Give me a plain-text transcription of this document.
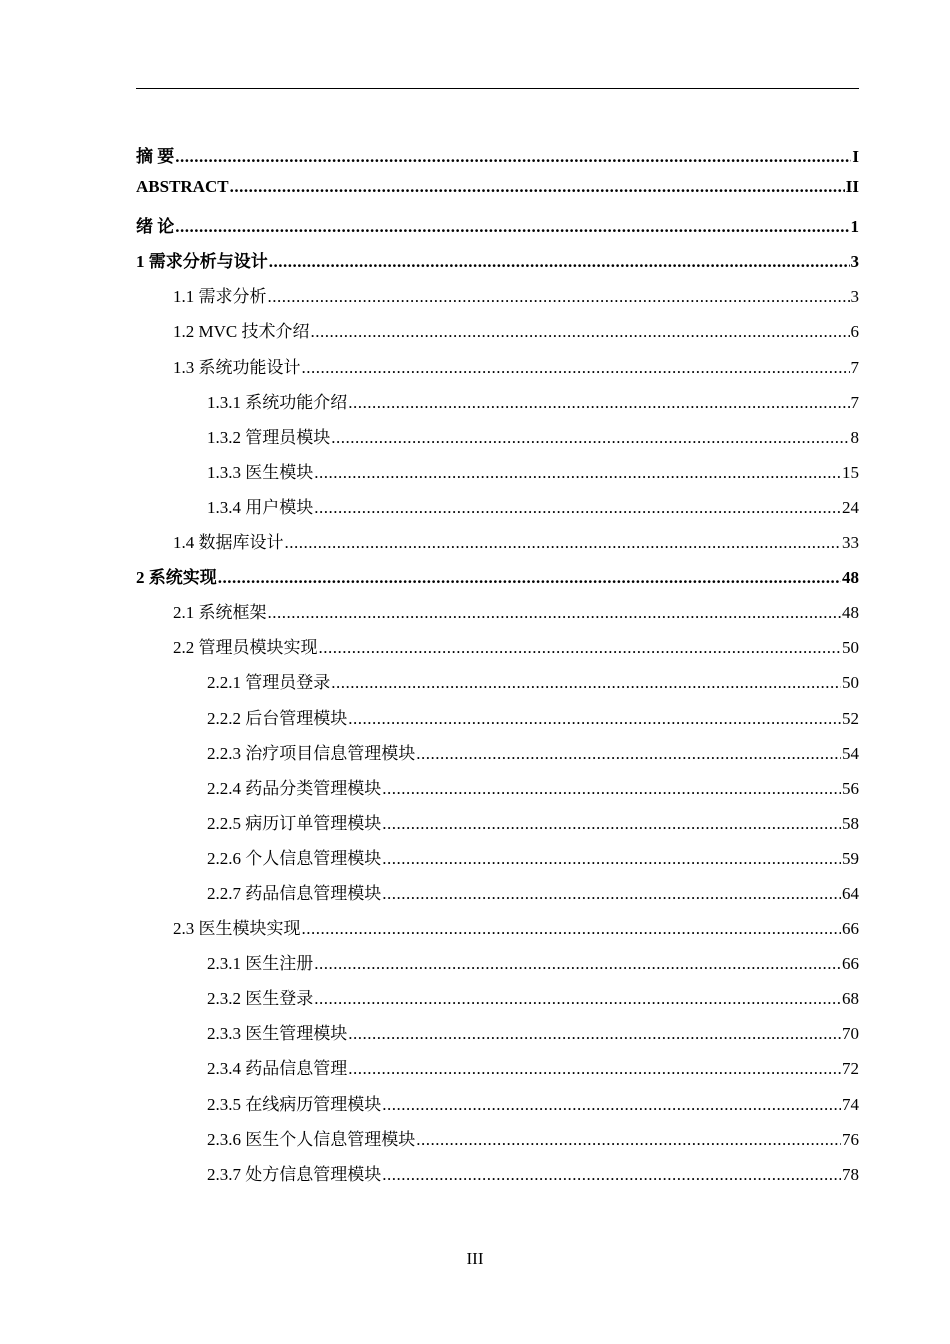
摘 要 .....	I
ABSTRACT .....	II
绪 论 .....	1
1 需求分析与设计 .....	3
1.1 需求分析 .....	3
1.2 MVC 技术介绍 .....	6
1.3 系统功能设计 .....	7
1.3.1 系统功能介绍 .....	7
1.3.2 管理员模块 .....	8
1.3.3 医生模块 .....	15
1.3.4 用户模块 .....	24
1.4 数据库设计 .....	33
2 系统实现 .....	48
2.1 系统框架 .....	48
2.2 管理员模块实现 .....	50
2.2.1 管理员登录 .....	50
2.2.2 后台管理模块 .....	52
2.2.3 治疗项目信息管理模块 .....	54
2.2.4 药品分类管理模块 .....	56
2.2.5 病历订单管理模块 .....	58
2.2.6 个人信息管理模块 .....	59
2.2.7 药品信息管理模块 .....	64
2.3 医生模块实现 .....	66
2.3.1 医生注册 .....	66
2.3.2 医生登录 .....	68
2.3.3 医生管理模块 .....	70
2.3.4 药品信息管理 .....	72
2.3.5 在线病历管理模块 .....	74
2.3.6 医生个人信息管理模块 .....	76
2.3.7 处方信息管理模块 .....	78
III
